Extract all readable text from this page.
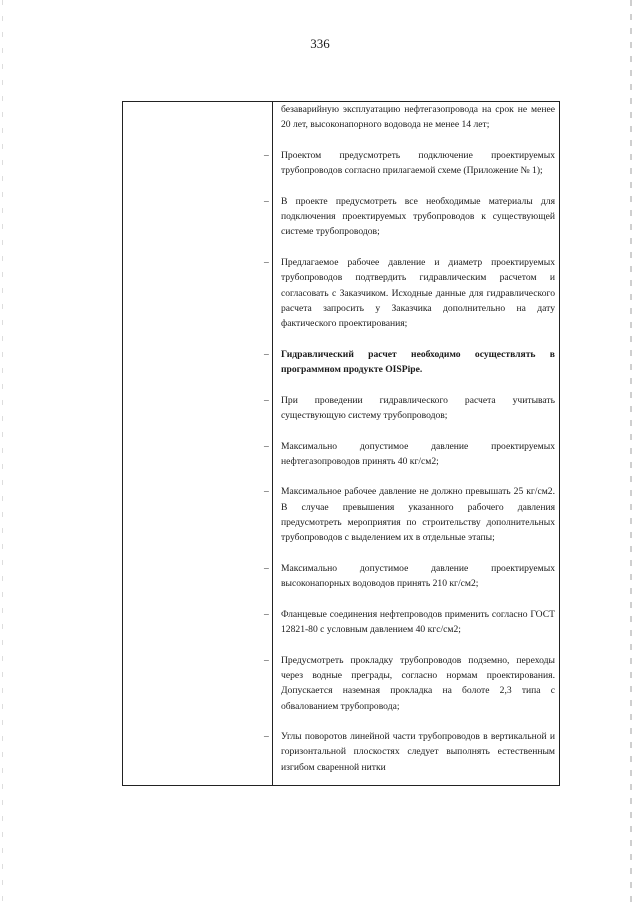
336
безаварийную эксплуатацию нефтегазопровода на срок не менее 20 лет, высоконапорного водовода не менее 14 лет;
– Проектом предусмотреть подключение проектируемых трубопроводов согласно прилагаемой схеме (Приложение № 1);
– В проекте предусмотреть все необходимые материалы для подключения проектируемых трубопроводов к существующей системе трубопроводов;
– Предлагаемое рабочее давление и диаметр проектируемых трубопроводов подтвердить гидравлическим расчетом и согласовать с Заказчиком. Исходные данные для гидравлического расчета запросить у Заказчика дополнительно на дату фактического проектирования;
– Гидравлический расчет необходимо осуществлять в программном продукте OISPipe.
– При проведении гидравлического расчета учитывать существующую систему трубопроводов;
– Максимально допустимое давление проектируемых нефтегазопроводов принять 40 кг/см2;
– Максимальное рабочее давление не должно превышать 25 кг/см2. В случае превышения указанного рабочего давления предусмотреть мероприятия по строительству дополнительных трубопроводов с выделением их в отдельные этапы;
– Максимально допустимое давление проектируемых высоконапорных водоводов принять 210 кг/см2;
– Фланцевые соединения нефтепроводов применить согласно ГОСТ 12821-80 с условным давлением 40 кгс/см2;
– Предусмотреть прокладку трубопроводов подземно, переходы через водные преграды, согласно нормам проектирования. Допускается наземная прокладка на болоте 2,3 типа с обвалованием трубопровода;
– Углы поворотов линейной части трубопроводов в вертикальной и горизонтальной плоскостях следует выполнять естественным изгибом сваренной нитки
